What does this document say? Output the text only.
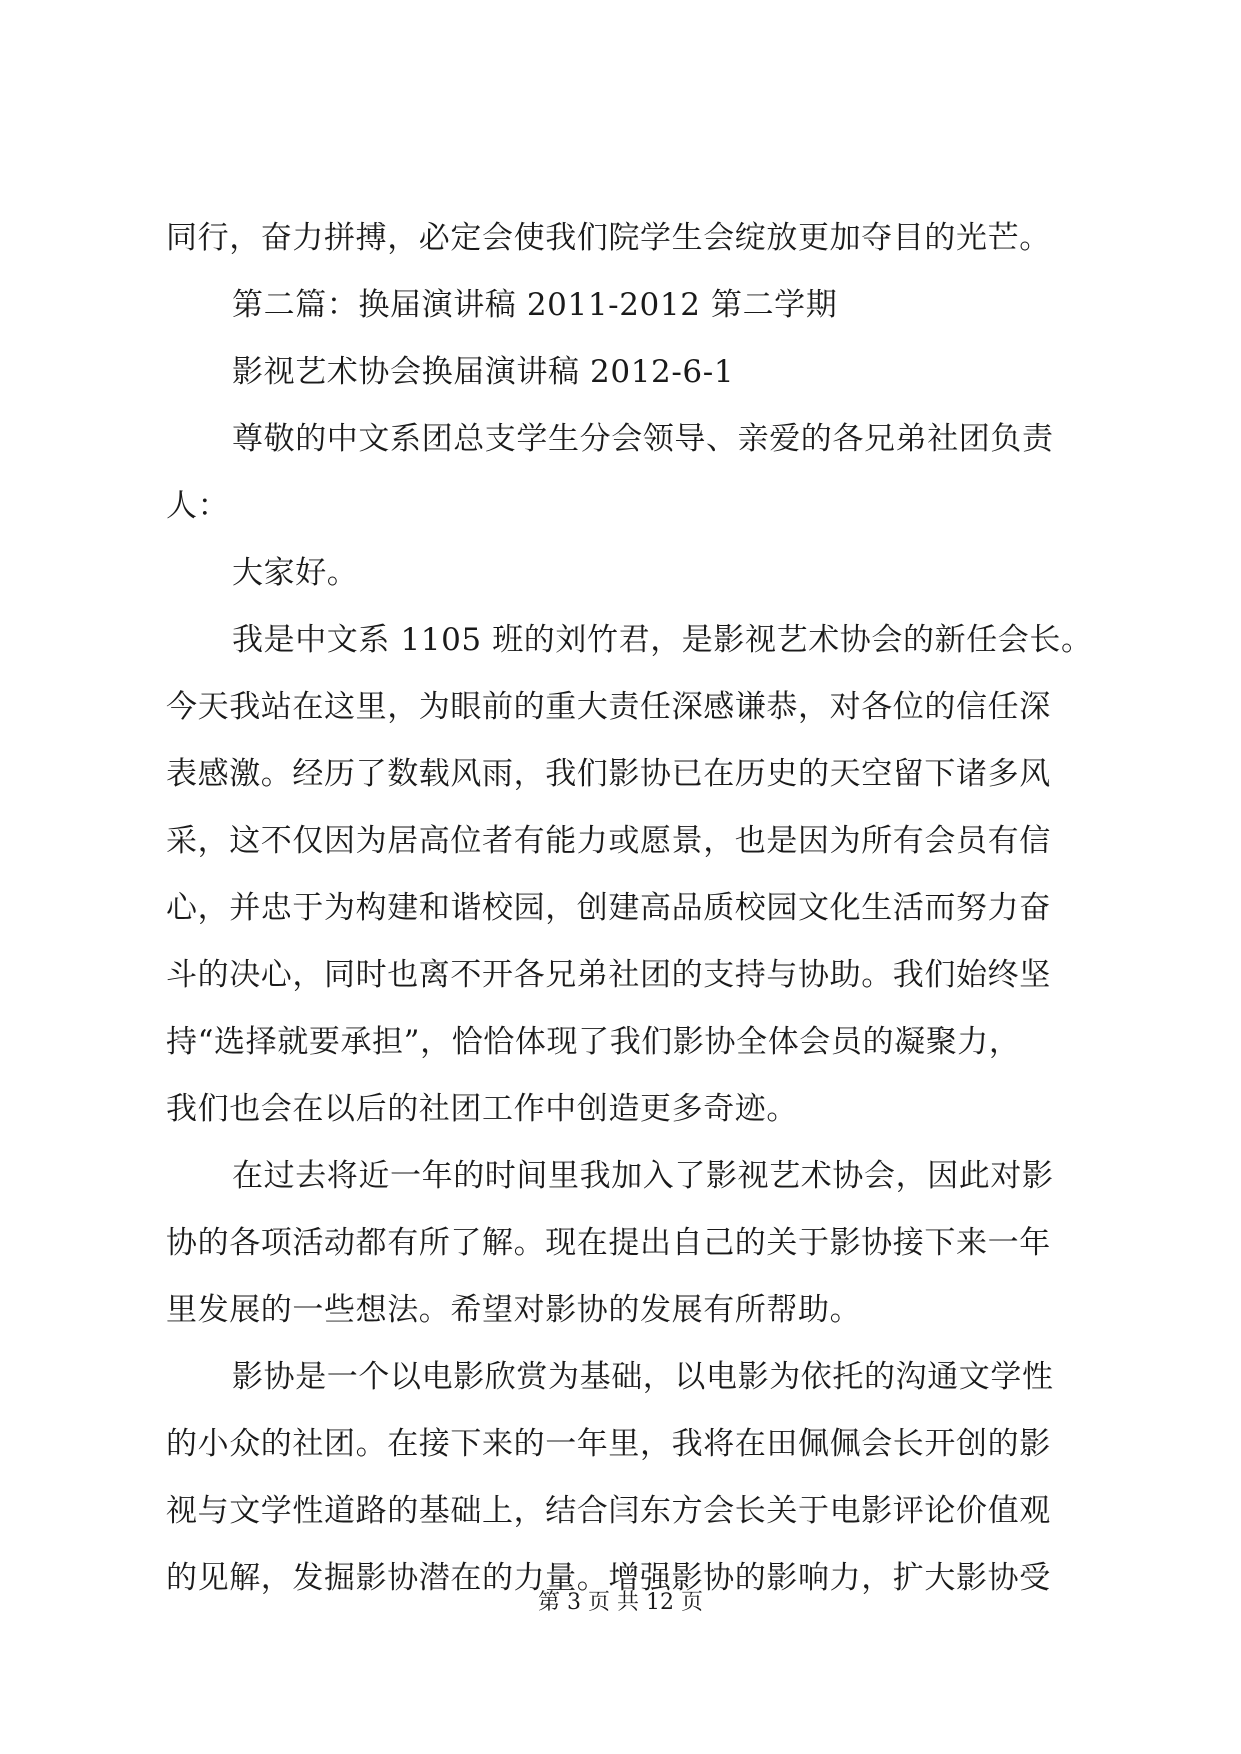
同行，奋力拼搏，必定会使我们院学生会绽放更加夺目的光芒。
第二篇：换届演讲稿 2011-2012 第二学期
影视艺术协会换届演讲稿 2012-6-1
尊敬的中文系团总支学生分会领导、亲爱的各兄弟社团负责
人：
大家好。
我是中文系 1105 班的刘竹君，是影视艺术协会的新任会长。
今天我站在这里，为眼前的重大责任深感谦恭，对各位的信任深
表感激。经历了数载风雨，我们影协已在历史的天空留下诸多风
采，这不仅因为居高位者有能力或愿景，也是因为所有会员有信
心，并忠于为构建和谐校园，创建高品质校园文化生活而努力奋
斗的决心，同时也离不开各兄弟社团的支持与协助。我们始终坚
持“选择就要承担”，恰恰体现了我们影协全体会员的凝聚力，
我们也会在以后的社团工作中创造更多奇迹。
在过去将近一年的时间里我加入了影视艺术协会，因此对影
协的各项活动都有所了解。现在提出自己的关于影协接下来一年
里发展的一些想法。希望对影协的发展有所帮助。
影协是一个以电影欣赏为基础，以电影为依托的沟通文学性
的小众的社团。在接下来的一年里，我将在田佩佩会长开创的影
视与文学性道路的基础上，结合闫东方会长关于电影评论价值观
的见解，发掘影协潜在的力量。增强影协的影响力，扩大影协受
第 3 页 共 12 页
